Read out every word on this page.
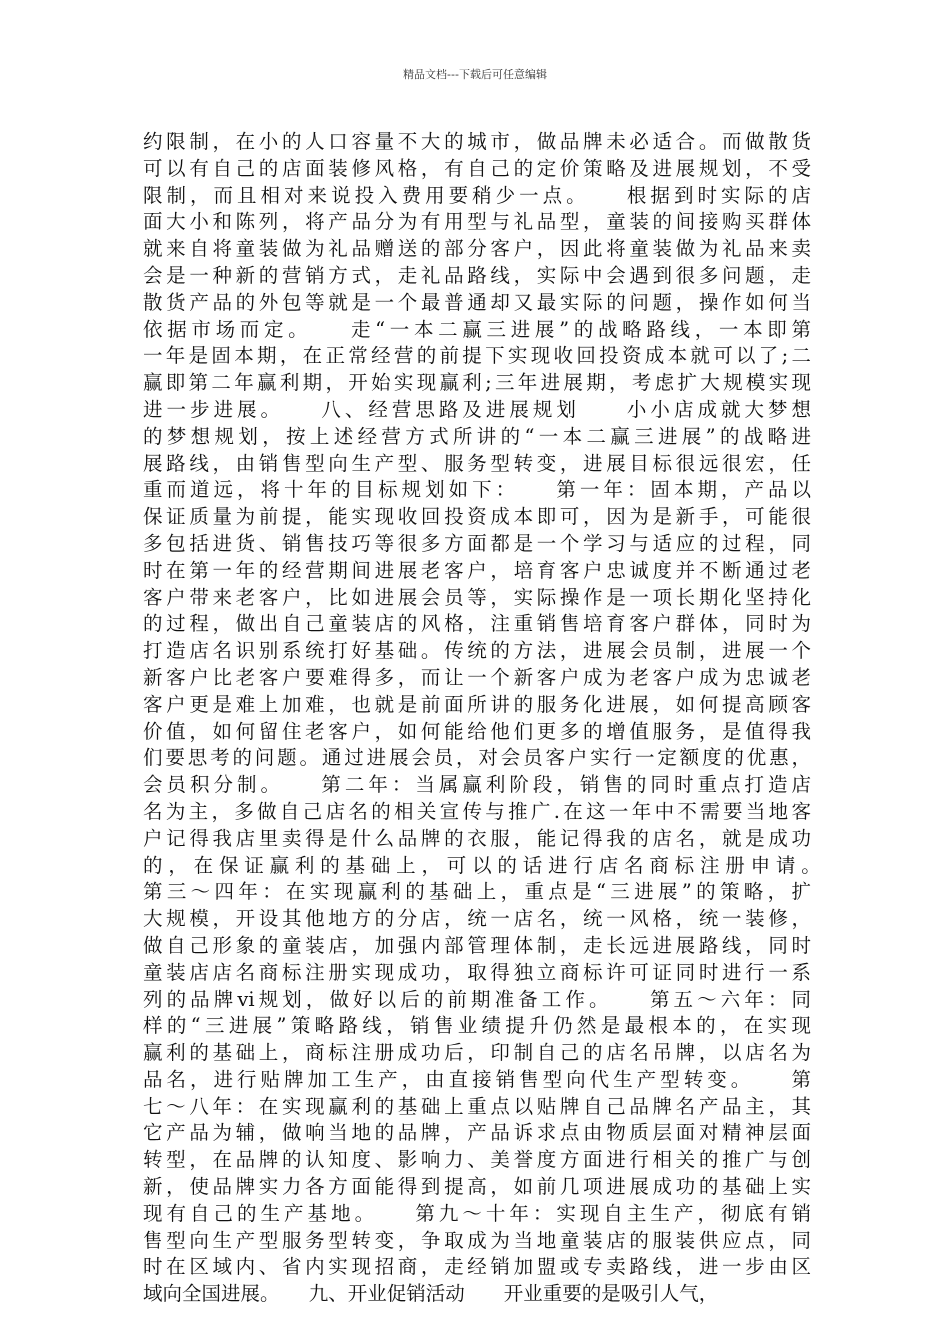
精品文档---下载后可任意编辑
约限制，在小的人口容量不大的城市，做品牌未必适合。而做散货
可以有自己的店面装修风格，有自己的定价策略及进展规划，不受
限制，而且相对来说投入费用要稍少一点。　　根据到时实际的店
面大小和陈列，将产品分为有用型与礼品型，童装的间接购买群体
就来自将童装做为礼品赠送的部分客户，因此将童装做为礼品来卖
会是一种新的营销方式，走礼品路线，实际中会遇到很多问题，走
散货产品的外包等就是一个最普通却又最实际的问题，操作如何当
依据市场而定。　　走“一本二赢三进展”的战略路线，一本即第
一年是固本期，在正常经营的前提下实现收回投资成本就可以了;二
赢即第二年赢利期，开始实现赢利;三年进展期，考虑扩大规模实现
进一步进展。　　八、经营思路及进展规划　　小小店成就大梦想
的梦想规划，按上述经营方式所讲的“一本二赢三进展”的战略进
展路线，由销售型向生产型、服务型转变，进展目标很远很宏，任
重而道远，将十年的目标规划如下：　　第一年：固本期，产品以
保证质量为前提，能实现收回投资成本即可，因为是新手，可能很
多包括进货、销售技巧等很多方面都是一个学习与适应的过程，同
时在第一年的经营期间进展老客户，培育客户忠诚度并不断通过老
客户带来老客户，比如进展会员等，实际操作是一项长期化坚持化
的过程，做出自己童装店的风格，注重销售培育客户群体，同时为
打造店名识别系统打好基础。传统的方法，进展会员制，进展一个
新客户比老客户要难得多，而让一个新客户成为老客户成为忠诚老
客户更是难上加难，也就是前面所讲的服务化进展，如何提高顾客
价值，如何留住老客户，如何能给他们更多的增值服务，是值得我
们要思考的问题。通过进展会员，对会员客户实行一定额度的优惠，
会员积分制。　　第二年：当属赢利阶段，销售的同时重点打造店
名为主，多做自己店名的相关宣传与推广.在这一年中不需要当地客
户记得我店里卖得是什么品牌的衣服，能记得我的店名，就是成功
的，在保证赢利的基础上，可以的话进行店名商标注册申请。　　
第三～四年：在实现赢利的基础上，重点是“三进展”的策略，扩
大规模，开设其他地方的分店，统一店名，统一风格，统一装修，
做自己形象的童装店，加强内部管理体制，走长远进展路线，同时
童装店店名商标注册实现成功，取得独立商标许可证同时进行一系
列的品牌vi规划，做好以后的前期准备工作。　　第五～六年：同
样的“三进展”策略路线，销售业绩提升仍然是最根本的，在实现
赢利的基础上，商标注册成功后，印制自己的店名吊牌，以店名为
品名，进行贴牌加工生产，由直接销售型向代生产型转变。　　第
七～八年：在实现赢利的基础上重点以贴牌自己品牌名产品主，其
它产品为辅，做响当地的品牌，产品诉求点由物质层面对精神层面
转型，在品牌的认知度、影响力、美誉度方面进行相关的推广与创
新，使品牌实力各方面能得到提高，如前几项进展成功的基础上实
现有自己的生产基地。　　第九～十年：实现自主生产，彻底有销
售型向生产型服务型转变，争取成为当地童装店的服装供应点，同
时在区域内、省内实现招商，走经销加盟或专卖路线，进一步由区
域向全国进展。　　九、开业促销活动　　开业重要的是吸引人气，
